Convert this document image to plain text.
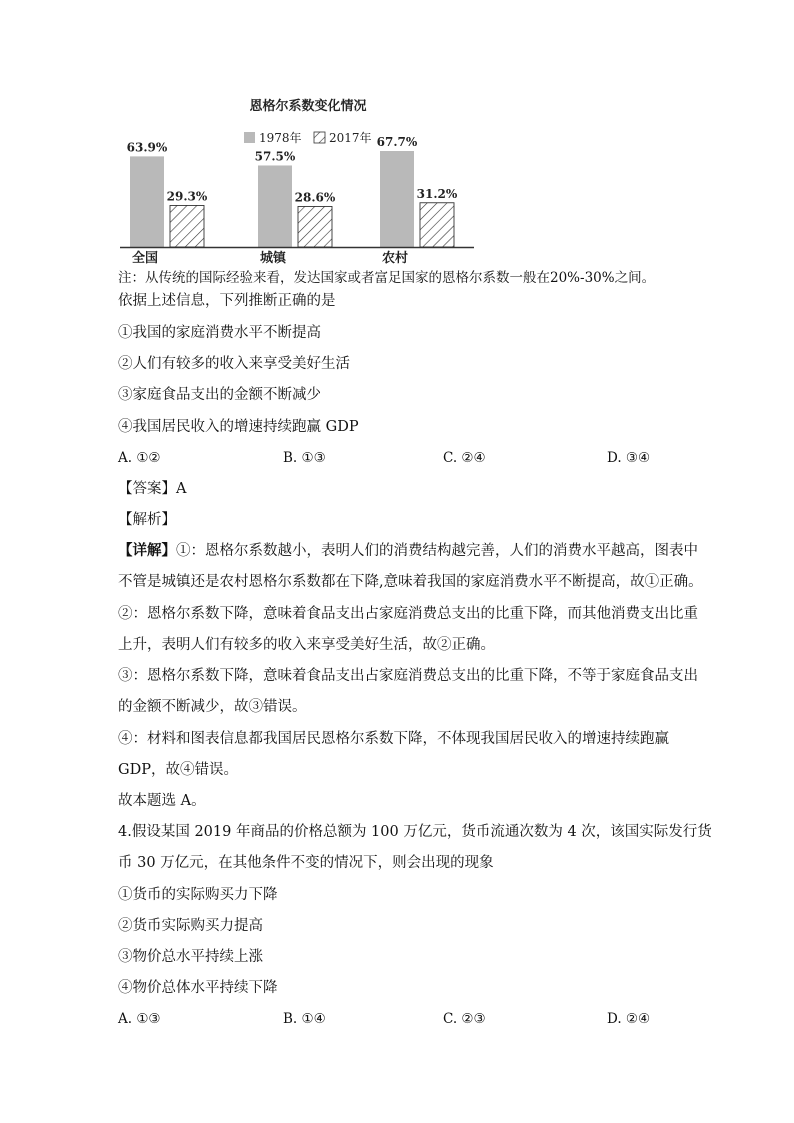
恩格尔系数变化情况
1978年 2017年
63.9%
29.3%
全国
57.5%
28.6%
城镇
67.7%
31.2%
农村
注：从传统的国际经验来看，发达国家或者富足国家的恩格尔系数一般在20%-30%之间。
依据上述信息，下列推断正确的是
①我国的家庭消费水平不断提高
②人们有较多的收入来享受美好生活
③家庭食品支出的金额不断减少
④我国居民收入的增速持续跑赢 GDP
A. ①②	B. ①③	C. ②④	D. ③④
【答案】A
【解析】
【详解】①：恩格尔系数越小，表明人们的消费结构越完善，人们的消费水平越高，图表中
不管是城镇还是农村恩格尔系数都在下降,意味着我国的家庭消费水平不断提高，故①正确。
②：恩格尔系数下降，意味着食品支出占家庭消费总支出的比重下降，而其他消费支出比重
上升，表明人们有较多的收入来享受美好生活，故②正确。
③：恩格尔系数下降，意味着食品支出占家庭消费总支出的比重下降，不等于家庭食品支出
的金额不断减少，故③错误。
④：材料和图表信息都我国居民恩格尔系数下降，不体现我国居民收入的增速持续跑赢
GDP，故④错误。
故本题选 A。
4.假设某国 2019 年商品的价格总额为 100 万亿元，货币流通次数为 4 次，该国实际发行货
币 30 万亿元，在其他条件不变的情况下，则会出现的现象
①货币的实际购买力下降
②货币实际购买力提高
③物价总水平持续上涨
④物价总体水平持续下降
A. ①③	B. ①④	C. ②③	D. ②④
